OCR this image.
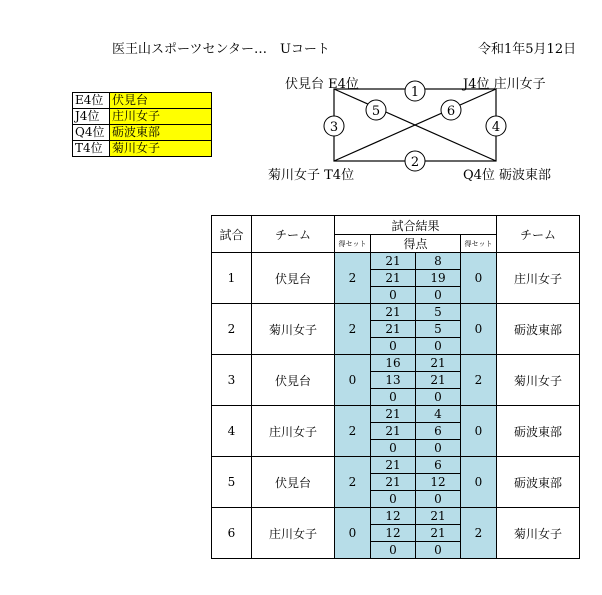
医王山スポーツセンター…　Uコート	令和1年5月12日
E4位 伏見台
J4位	庄川女子
Q4位 砺波東部
T4位 菊川女子
1
2
3	4
5	6
伏見台 E4位	J4位 庄川女子
菊川女子 T4位	Q4位 砺波東部
試合	チーム	試合結果				チーム
		得セット	得点		得セット	
1	伏見台	2	21	8	0	庄川女子
			21	19		
			0	0		
2	菊川女子	2	21	5	0	砺波東部
			21	5		
			0	0		
3	伏見台	0	16	21	2	菊川女子
			13	21		
			0	0		
4	庄川女子	2	21	4	0	砺波東部
			21	6		
			0	0		
5	伏見台	2	21	6	0	砺波東部
			21	12		
			0	0		
6	庄川女子	0	12	21	2	菊川女子
			12	21		
			0	0		
